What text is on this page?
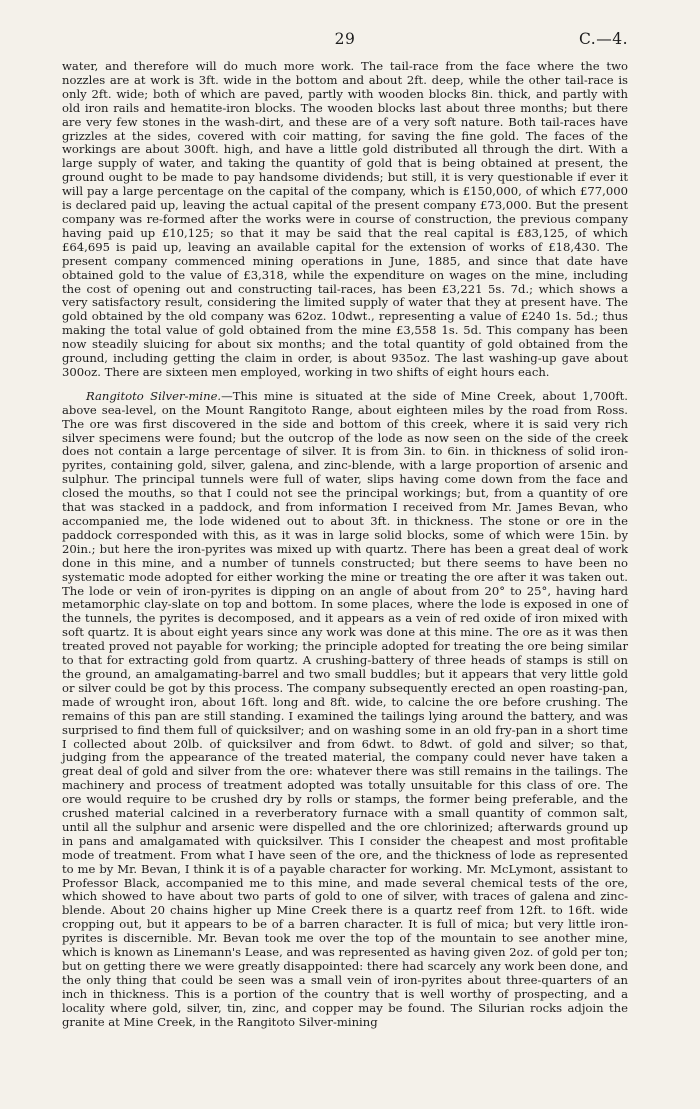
29	C.—4.

water, and therefore will do much more work. The tail-race from the face where the two nozzles are at work is 3ft. wide in the bottom and about 2ft. deep, while the other tail-race is only 2ft. wide; both of which are paved, partly with wooden blocks 8in. thick, and partly with old iron rails and hematite-iron blocks. The wooden blocks last about three months; but there are very few stones in the wash-dirt, and these are of a very soft nature. Both tail-races have grizzles at the sides, covered with coir matting, for saving the fine gold. The faces of the workings are about 300ft. high, and have a little gold distributed all through the dirt. With a large supply of water, and taking the quantity of gold that is being obtained at present, the ground ought to be made to pay handsome dividends; but still, it is very questionable if ever it will pay a large percentage on the capital of the company, which is £150,000, of which £77,000 is declared paid up, leaving the actual capital of the present company £73,000. But the present company was re-formed after the works were in course of construction, the previous company having paid up £10,125; so that it may be said that the real capital is £83,125, of which £64,695 is paid up, leaving an available capital for the extension of works of £18,430. The present company commenced mining operations in June, 1885, and since that date have obtained gold to the value of £3,318, while the expenditure on wages on the mine, including the cost of opening out and constructing tail-races, has been £3,221 5s. 7d.; which shows a very satisfactory result, considering the limited supply of water that they at present have. The gold obtained by the old company was 62oz. 10dwt., representing a value of £240 1s. 5d.; thus making the total value of gold obtained from the mine £3,558 1s. 5d. This company has been now steadily sluicing for about six months; and the total quantity of gold obtained from the ground, including getting the claim in order, is about 935oz. The last washing-up gave about 300oz. There are sixteen men employed, working in two shifts of eight hours each.

Rangitoto Silver-mine.—This mine is situated at the side of Mine Creek, about 1,700ft. above sea-level, on the Mount Rangitoto Range, about eighteen miles by the road from Ross. The ore was first discovered in the side and bottom of this creek, where it is said very rich silver specimens were found; but the outcrop of the lode as now seen on the side of the creek does not contain a large percentage of silver. It is from 3in. to 6in. in thickness of solid iron-pyrites, containing gold, silver, galena, and zinc-blende, with a large proportion of arsenic and sulphur. The principal tunnels were full of water, slips having come down from the face and closed the mouths, so that I could not see the principal workings; but, from a quantity of ore that was stacked in a paddock, and from information I received from Mr. James Bevan, who accompanied me, the lode widened out to about 3ft. in thickness. The stone or ore in the paddock corresponded with this, as it was in large solid blocks, some of which were 15in. by 20in.; but here the iron-pyrites was mixed up with quartz. There has been a great deal of work done in this mine, and a number of tunnels constructed; but there seems to have been no systematic mode adopted for either working the mine or treating the ore after it was taken out. The lode or vein of iron-pyrites is dipping on an angle of about from 20° to 25°, having hard metamorphic clay-slate on top and bottom. In some places, where the lode is exposed in one of the tunnels, the pyrites is decomposed, and it appears as a vein of red oxide of iron mixed with soft quartz. It is about eight years since any work was done at this mine. The ore as it was then treated proved not payable for working; the principle adopted for treating the ore being similar to that for extracting gold from quartz. A crushing-battery of three heads of stamps is still on the ground, an amalgamating-barrel and two small buddles; but it appears that very little gold or silver could be got by this process. The company subsequently erected an open roasting-pan, made of wrought iron, about 16ft. long and 8ft. wide, to calcine the ore before crushing. The remains of this pan are still standing. I examined the tailings lying around the battery, and was surprised to find them full of quicksilver; and on washing some in an old fry-pan in a short time I collected about 20lb. of quicksilver and from 6dwt. to 8dwt. of gold and silver; so that, judging from the appearance of the treated material, the company could never have taken a great deal of gold and silver from the ore: whatever there was still remains in the tailings. The machinery and process of treatment adopted was totally unsuitable for this class of ore. The ore would require to be crushed dry by rolls or stamps, the former being preferable, and the crushed material calcined in a reverberatory furnace with a small quantity of common salt, until all the sulphur and arsenic were dispelled and the ore chlorinized; afterwards ground up in pans and amalgamated with quicksilver. This I consider the cheapest and most profitable mode of treatment. From what I have seen of the ore, and the thickness of lode as represented to me by Mr. Bevan, I think it is of a payable character for working. Mr. McLymont, assistant to Professor Black, accompanied me to this mine, and made several chemical tests of the ore, which showed to have about two parts of gold to one of silver, with traces of galena and zinc-blende. About 20 chains higher up Mine Creek there is a quartz reef from 12ft. to 16ft. wide cropping out, but it appears to be of a barren character. It is full of mica; but very little iron-pyrites is discernible. Mr. Bevan took me over the top of the mountain to see another mine, which is known as Linemann's Lease, and was represented as having given 2oz. of gold per ton; but on getting there we were greatly disappointed: there had scarcely any work been done, and the only thing that could be seen was a small vein of iron-pyrites about three-quarters of an inch in thickness. This is a portion of the country that is well worthy of prospecting, and a locality where gold, silver, tin, zinc, and copper may be found. The Silurian rocks adjoin the granite at Mine Creek, in the Rangitoto Silver-mining
